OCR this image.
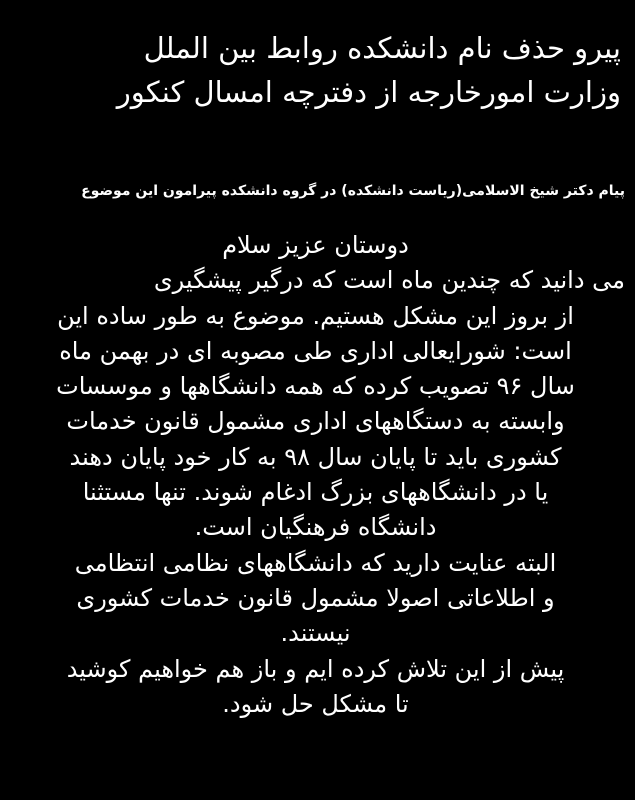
پیرو حذف نام دانشکده روابط بین الملل
وزارت امورخارجه از دفترچه امسال کنکور

پیام دکتر شیخ الاسلامی(ریاست دانشکده) در گروه دانشکده پیرامون این موضوع

دوستان عزیز سلام
می دانید که چندین ماه است که درگیر پیشگیری
از بروز این مشکل هستیم. موضوع به طور ساده این
است: شورایعالی اداری طی مصوبه ای در بهمن ماه
سال ۹۶ تصویب کرده که همه دانشگاهها و موسسات
وابسته به دستگاههای اداری مشمول قانون خدمات
کشوری باید تا پایان سال ۹۸ به کار خود پایان دهند
یا در دانشگاههای بزرگ ادغام شوند. تنها مستثنا
دانشگاه فرهنگیان است.
البته عنایت دارید که دانشگاههای نظامی انتظامی
و اطلاعاتی اصولا مشمول قانون خدمات کشوری
نیستند.
پیش از این تلاش کرده ایم و باز هم خواهیم کوشید
تا مشکل حل شود.
